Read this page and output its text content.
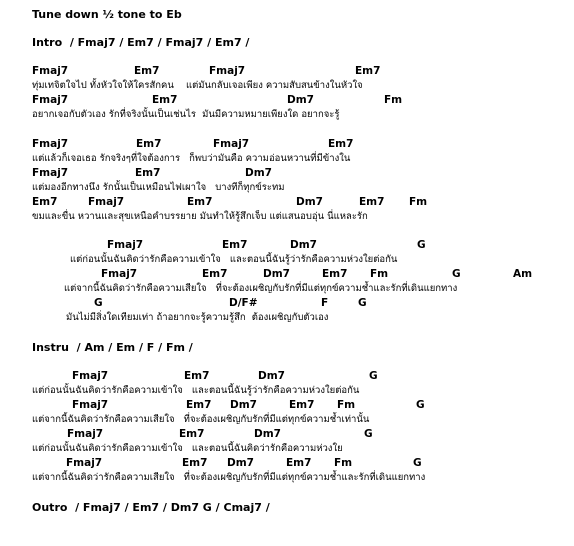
Tune down ½ tone to Eb
Intro  / Fmaj7 / Em7 / Fmaj7 / Em7 /

Fmaj7

	Em7

	Fmaj7

	Em7

ทุ่มเทจิตใจไป ทั้งหัวใจให้ใครสักคน    แต่มันกลับเจอเพียง ความสับสนข้างในหัวใจ

Fmaj7

	Em7

	Dm7

	Fm

อยากเจอกับตัวเอง รักที่จริงนั้นเป็นเช่นไร  มันมีความหมายเพียงใด อยากจะรู้

Fmaj7

	Em7

	Fmaj7

	Em7

แต่แล้วก็เจอเธอ รักจริงๆที่ใจต้องการ   ก็พบว่ามันคือ ความอ่อนหวานที่มีข้างใน

Fmaj7

	Em7

	Dm7

แต่มองอีกทางนึง รักนั้นเป็นเหมือนไฟเผาใจ   บางทีก็ทุกข์ระทม

Em7

	Fmaj7

	Em7

	Dm7

	Em7

Fm

ขมและขื่น หวานและสุขเหนือคำบรรยาย มันทำให้รู้สึกเจ็บ แต่แสนอบอุ่น นี่แหละรัก

Fmaj7

	Em7

	Dm7

	G

แต่ก่อนนั้นฉันคิดว่ารักคือความเข้าใจ   และตอนนี้ฉันรู้ว่ารักคือความห่วงใยต่อกัน

Fmaj7

	Em7

	Dm7

	Em7

Fm

	G

	Am

แต่จากนี้ฉันคิดว่ารักคือความเสียใจ   ที่จะต้องเผชิญกับรักที่มีแต่ทุกข์ความช้ำและรักที่เดินแยกทาง

G

	D/F#

	F

	G

มันไม่มีสิ่งใดเทียมเท่า ถ้าอยากจะรู้ความรู้สึก  ต้องเผชิญกับตัวเอง
Instru  / Am / Em / F / Fm /

Fmaj7

	Em7

	Dm7

	G

แต่ก่อนนั้นฉันคิดว่ารักคือความเข้าใจ   และตอนนี้ฉันรู้ว่ารักคือความห่วงใยต่อกัน

Fmaj7

	Em7

Dm7

	Em7

Fm

	G

แต่จากนี้ฉันคิดว่ารักคือความเสียใจ   ที่จะต้องเผชิญกับรักที่มีแต่ทุกข์ความช้ำเท่านั้น

Fmaj7

	Em7

	Dm7

	G

แต่ก่อนนั้นฉันคิดว่ารักคือความเข้าใจ   และตอนนี้ฉันคิดว่ารักคือความห่วงใย

Fmaj7

	Em7

Dm7

	Em7

Fm

	G

แต่จากนี้ฉันคิดว่ารักคือความเสียใจ   ที่จะต้องเผชิญกับรักที่มีแต่ทุกข์ความช้ำและรักที่เดินแยกทาง
Outro  / Fmaj7 / Em7 / Dm7 G / Cmaj7 /
